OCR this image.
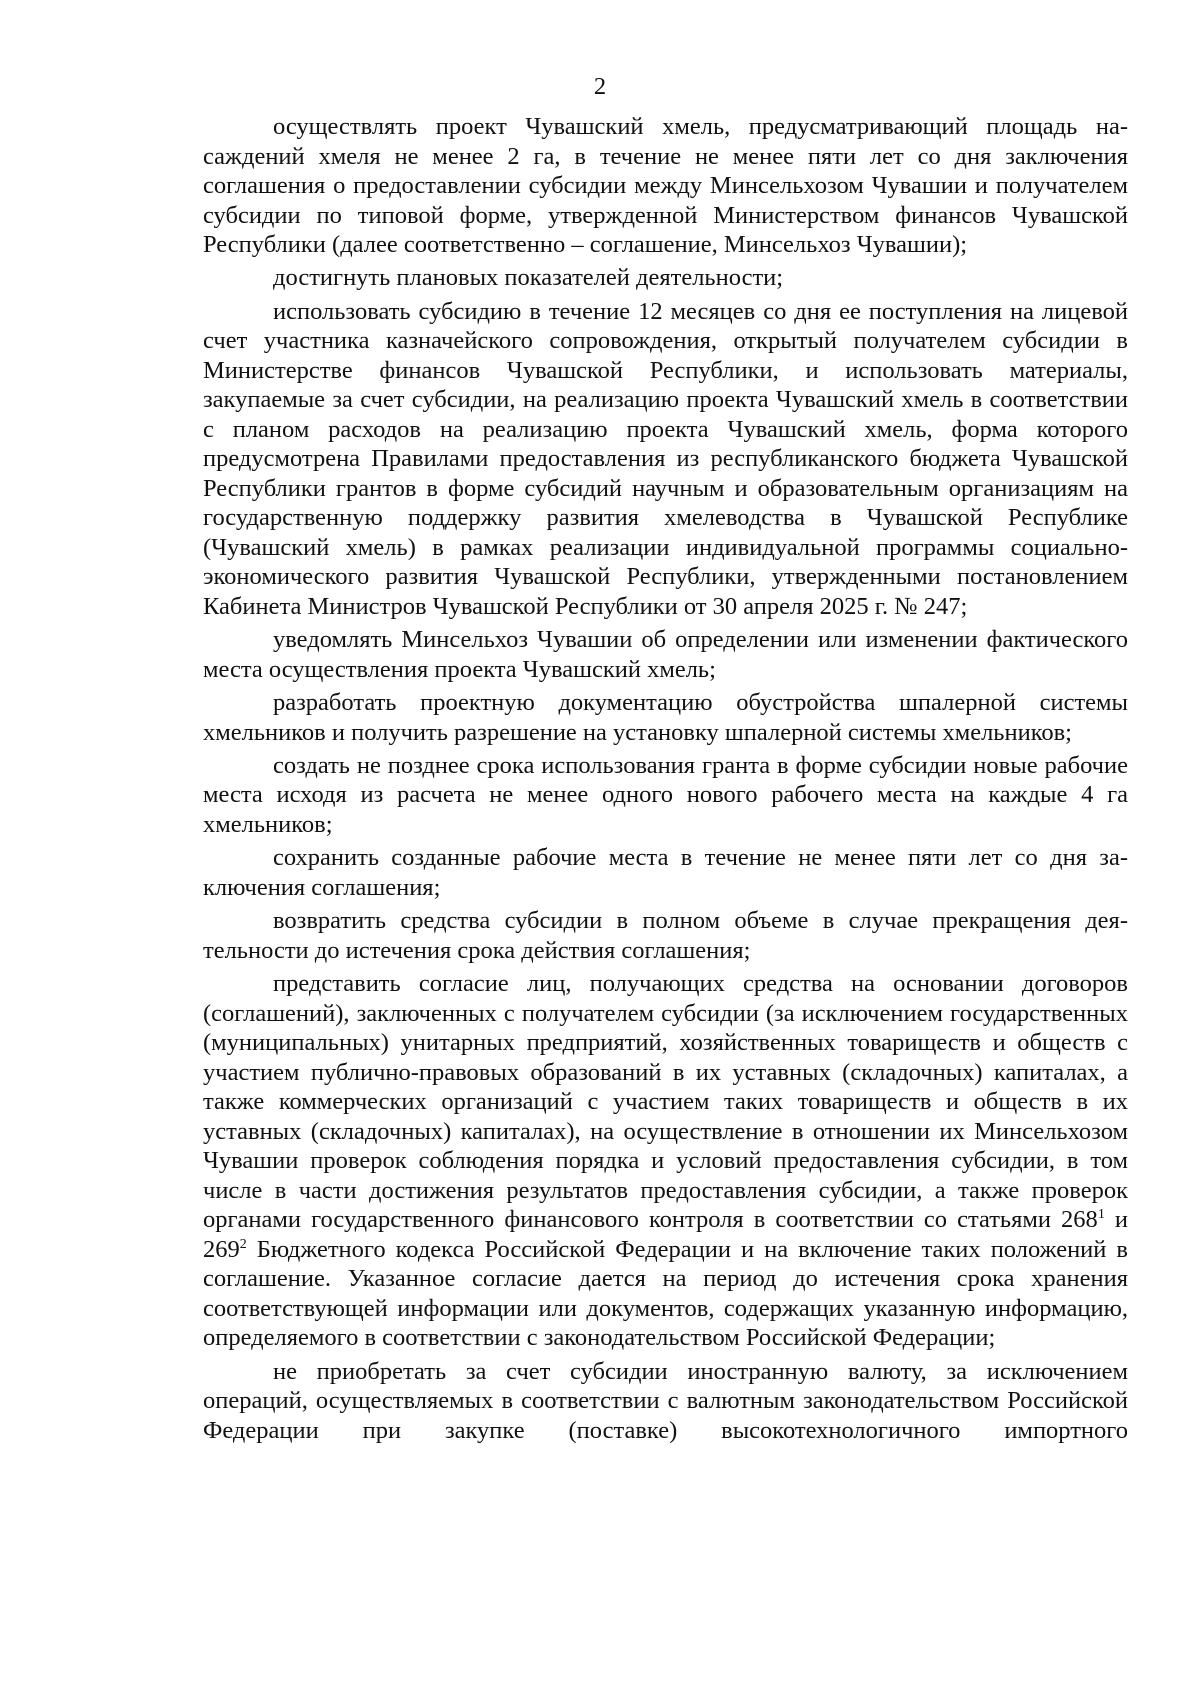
2

осуществлять проект Чувашский хмель, предусматривающий площадь насаждений хмеля не менее 2 га, в течение не менее пяти лет со дня заключения соглашения о предоставлении субсидии между Минсельхозом Чувашии и получателем субсидии по типовой форме, утвержденной Министерством финансов Чувашской Республики (далее соответственно – соглашение, Минсельхоз Чувашии);

достигнуть плановых показателей деятельности;

использовать субсидию в течение 12 месяцев со дня ее поступления на лицевой счет участника казначейского сопровождения, открытый получателем субсидии в Министерстве финансов Чувашской Республики, и использовать материалы, закупаемые за счет субсидии, на реализацию проекта Чувашский хмель в соответствии с планом расходов на реализацию проекта Чувашский хмель, форма которого предусмотрена Правилами предоставления из республиканского бюджета Чувашской Республики грантов в форме субсидий научным и образовательным организациям на государственную поддержку развития хмелеводства в Чувашской Республике (Чувашский хмель) в рамках реализации индивидуальной программы социально-экономического развития Чувашской Республики, утвержденными постановлением Кабинета Министров Чувашской Республики от 30 апреля 2025 г. № 247;

уведомлять Минсельхоз Чувашии об определении или изменении фактического места осуществления проекта Чувашский хмель;

разработать проектную документацию обустройства шпалерной системы хмельников и получить разрешение на установку шпалерной системы хмельников;

создать не позднее срока использования гранта в форме субсидии новые рабочие места исходя из расчета не менее одного нового рабочего места на каждые 4 га хмельников;

сохранить созданные рабочие места в течение не менее пяти лет со дня заключения соглашения;

возвратить средства субсидии в полном объеме в случае прекращения деятельности до истечения срока действия соглашения;

представить согласие лиц, получающих средства на основании договоров (соглашений), заключенных с получателем субсидии (за исключением государственных (муниципальных) унитарных предприятий, хозяйственных товариществ и обществ с участием публично-правовых образований в их уставных (складочных) капиталах, а также коммерческих организаций с участием таких товариществ и обществ в их уставных (складочных) капиталах), на осуществление в отношении их Минсельхозом Чувашии проверок соблюдения порядка и условий предоставления субсидии, в том числе в части достижения результатов предоставления субсидии, а также проверок органами государственного финансового контроля в соответствии со статьями $268^1$ и $269^2$ Бюджетного кодекса Российской Федерации и на включение таких положений в соглашение. Указанное согласие дается на период до истечения срока хранения соответствующей информации или документов, содержащих указанную информацию, определяемого в соответствии с законодательством Российской Федерации;

не приобретать за счет субсидии иностранную валюту, за исключением операций, осуществляемых в соответствии с валютным законодательством Российской Федерации при закупке (поставке) высокотехнологичного импортного
